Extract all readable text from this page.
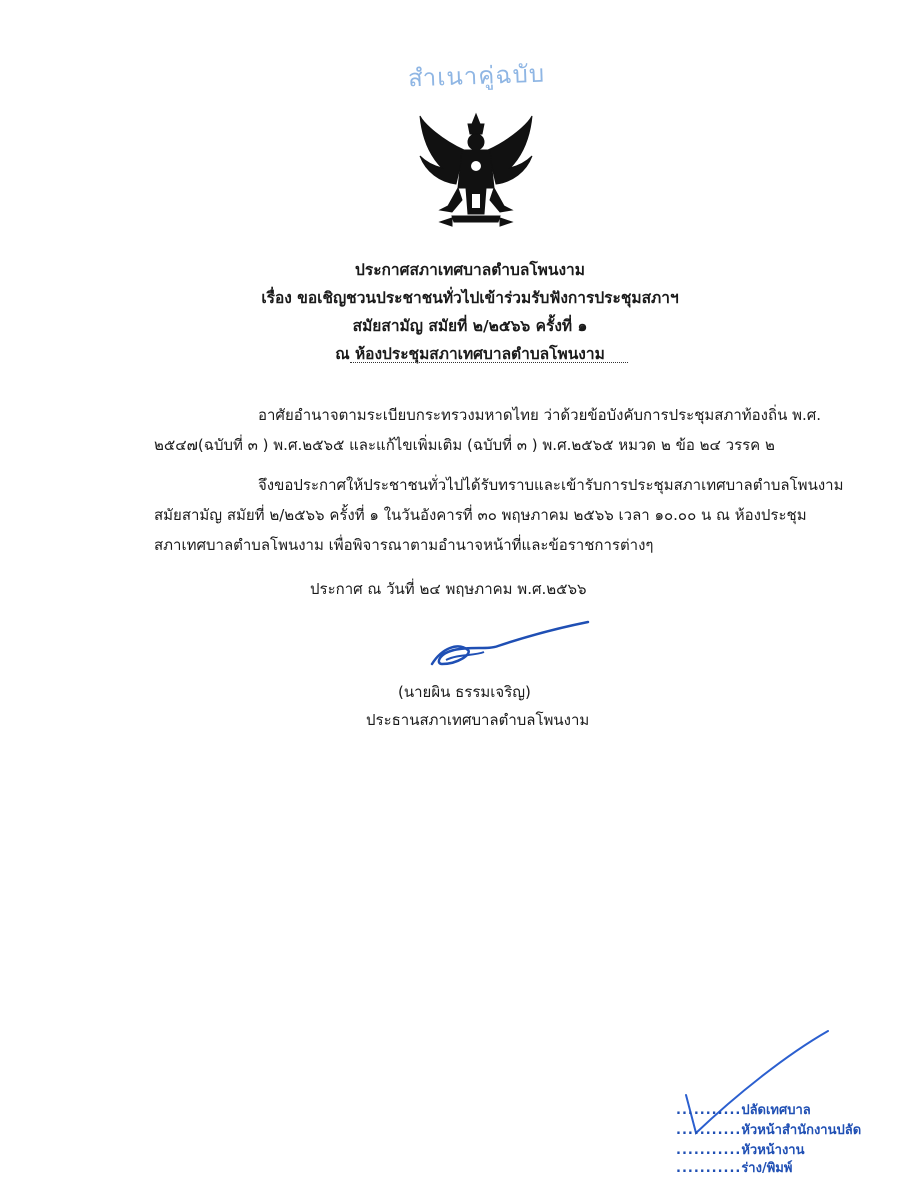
สำเนาคู่ฉบับ
ประกาศสภาเทศบาลตำบลโพนงาม
เรื่อง ขอเชิญชวนประชาชนทั่วไปเข้าร่วมรับฟังการประชุมสภาฯ
สมัยสามัญ สมัยที่ ๒/๒๕๖๖ ครั้งที่ ๑
ณ ห้องประชุมสภาเทศบาลตำบลโพนงาม
อาศัยอำนาจตามระเบียบกระทรวงมหาดไทย ว่าด้วยข้อบังคับการประชุมสภาท้องถิ่น พ.ศ.
๒๕๔๗(ฉบับที่ ๓ ) พ.ศ.๒๕๖๕ และแก้ไขเพิ่มเติม (ฉบับที่ ๓ ) พ.ศ.๒๕๖๕ หมวด ๒ ข้อ ๒๔ วรรค ๒
จึงขอประกาศให้ประชาชนทั่วไปได้รับทราบและเข้ารับการประชุมสภาเทศบาลตำบลโพนงาม
สมัยสามัญ สมัยที่ ๒/๒๕๖๖ ครั้งที่ ๑ ในวันอังคารที่ ๓๐ พฤษภาคม ๒๕๖๖ เวลา ๑๐.๐๐ น ณ ห้องประชุม
สภาเทศบาลตำบลโพนงาม เพื่อพิจารณาตามอำนาจหน้าที่และข้อราชการต่างๆ
ประกาศ ณ วันที่ ๒๔ พฤษภาคม พ.ศ.๒๕๖๖
(นายผิน ธรรมเจริญ)
ประธานสภาเทศบาลตำบลโพนงาม
...........ปลัดเทศบาล
...........หัวหน้าสำนักงานปลัด
...........หัวหน้างาน
...........ร่าง/พิมพ์
